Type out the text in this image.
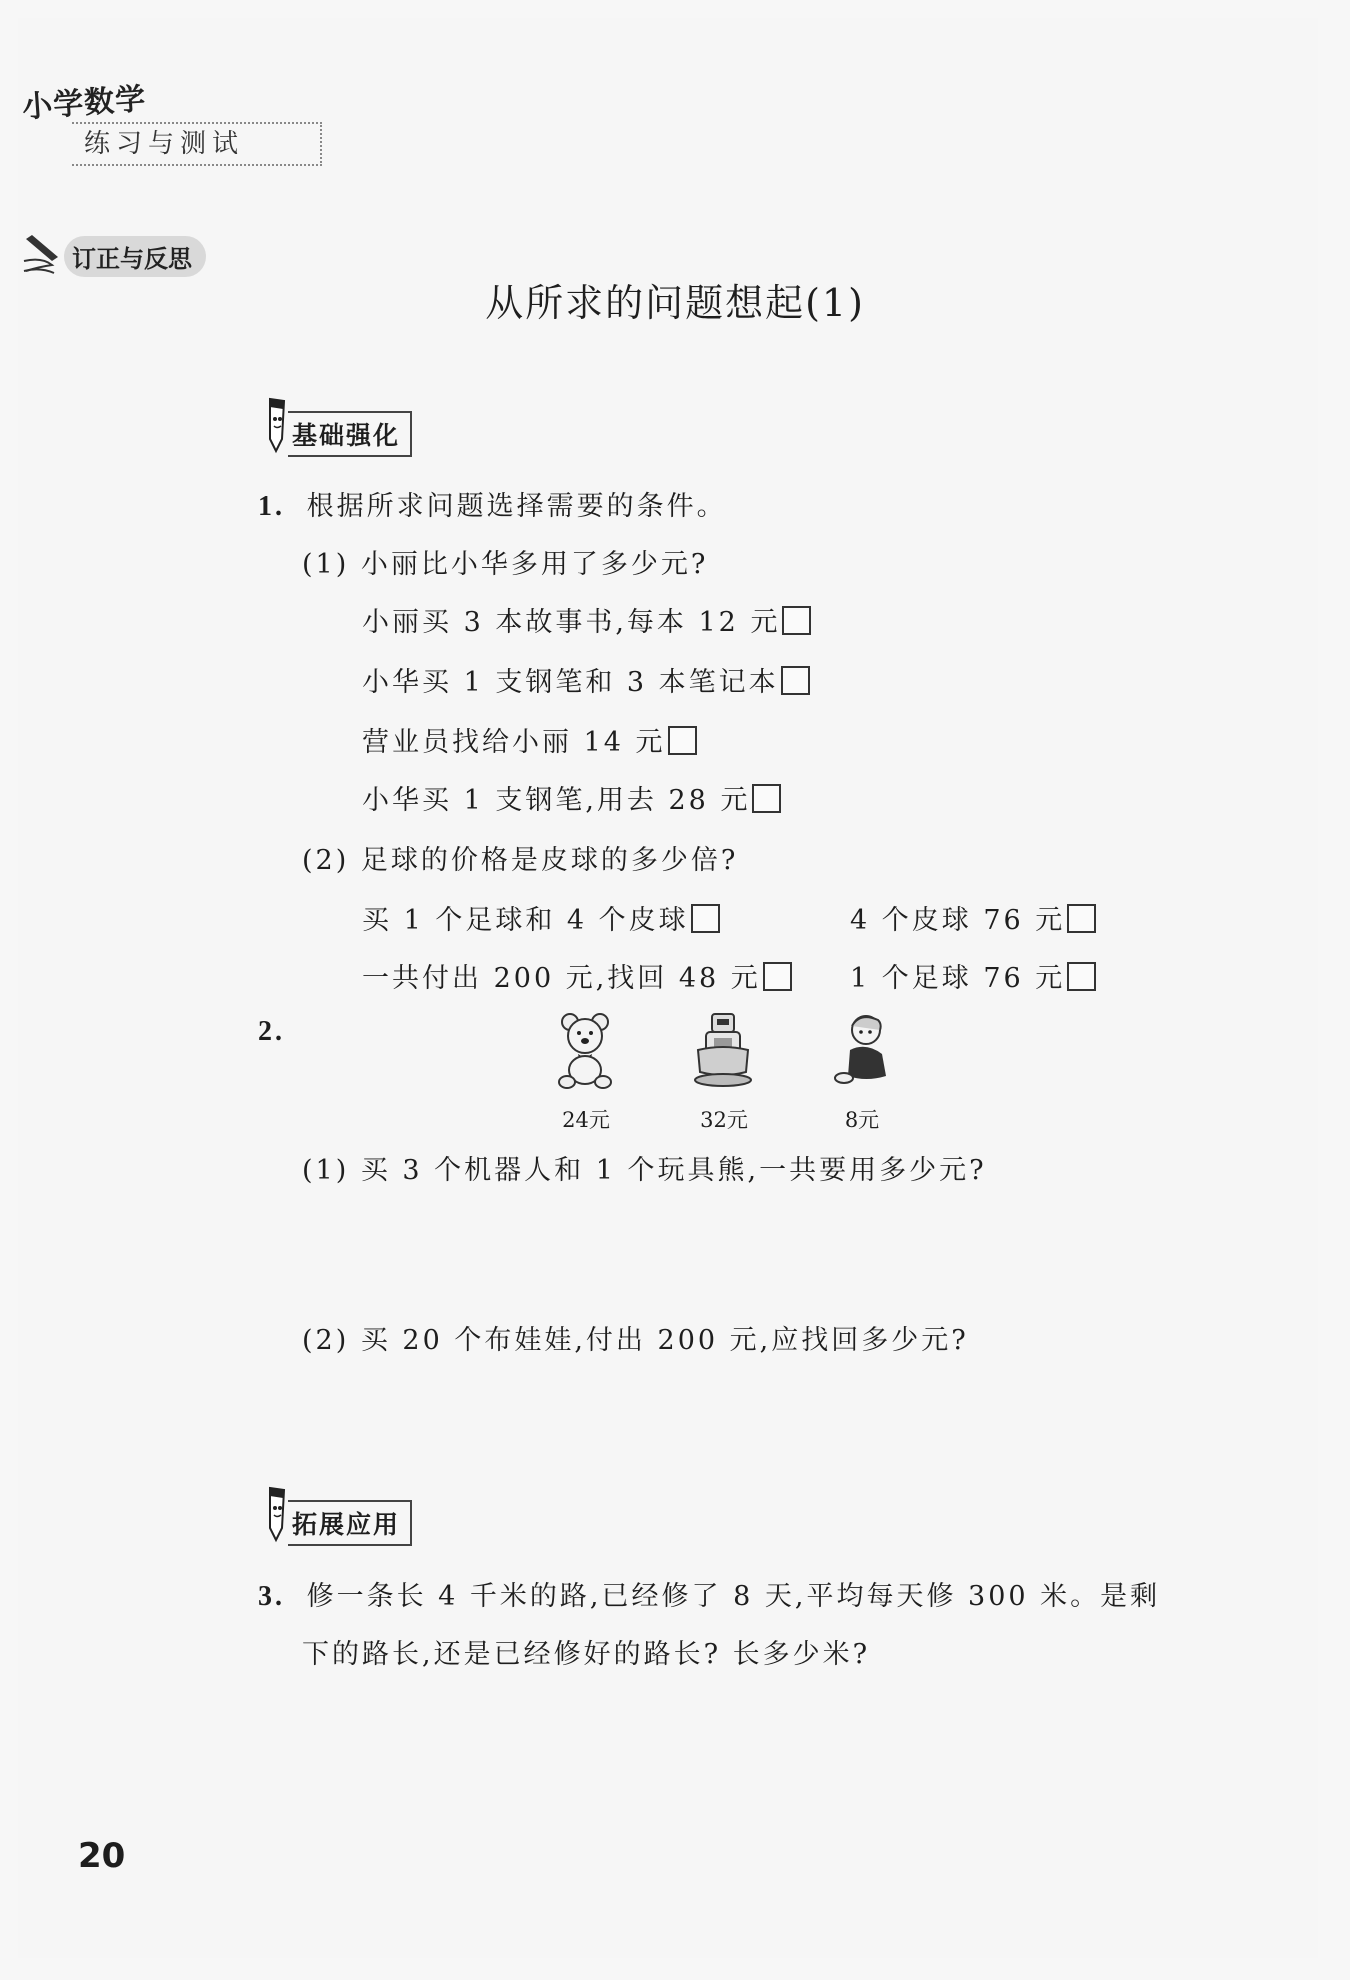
小学数学
练习与测试
订正与反思
从所求的问题想起(1)
基础强化
1. 根据所求问题选择需要的条件。
(1) 小丽比小华多用了多少元?
小丽买 3 本故事书,每本 12 元
小华买 1 支钢笔和 3 本笔记本
营业员找给小丽 14 元
小华买 1 支钢笔,用去 28 元
(2) 足球的价格是皮球的多少倍?
买 1 个足球和 4 个皮球	4 个皮球 76 元
一共付出 200 元,找回 48 元	1 个足球 76 元
2.
24元	32元	8元
(1) 买 3 个机器人和 1 个玩具熊,一共要用多少元?
(2) 买 20 个布娃娃,付出 200 元,应找回多少元?
拓展应用
3. 修一条长 4 千米的路,已经修了 8 天,平均每天修 300 米。是剩
下的路长,还是已经修好的路长? 长多少米?
20
